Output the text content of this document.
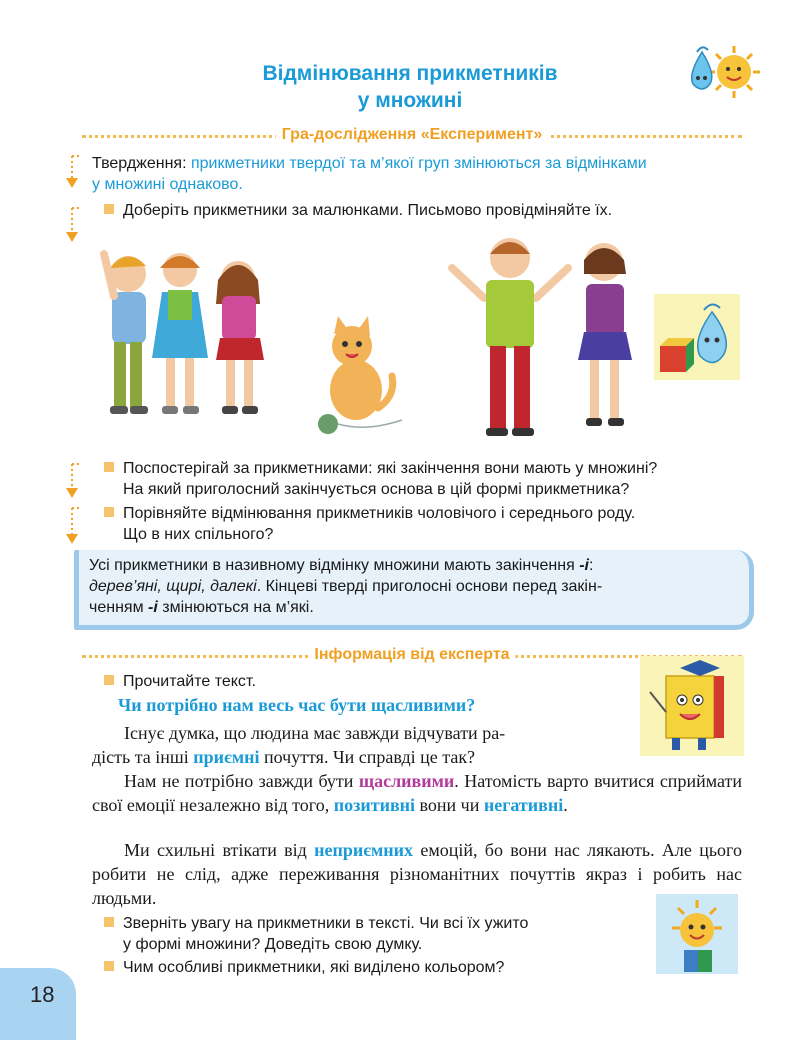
Відмінювання прикметників
у множині
Гра-дослідження «Експеримент»
Твердження: прикметники твердої та м’якої груп змінюються за відмінками
у множині однаково.
Доберіть прикметники за малюнками. Письмово провідміняйте їх.
Поспостерігай за прикметниками: які закінчення вони мають у множині?
На який приголосний закінчується основа в цій формі прикметника?
Порівняйте відмінювання прикметників чоловічого і середнього роду.
Що в них спільного?
Усі прикметники в називному відмінку множини мають закінчення -і:
дерев’яні, щирі, далекі. Кінцеві тверді приголосні основи перед закін-
ченням -і змінюються на м’які.
Інформація від експерта
Прочитайте текст.
Чи потрібно нам весь час бути щасливими?

Існує думка, що людина має завжди відчувати ра-

дість та інші приємні почуття. Чи справді це так?

Нам не потрібно завжди бути щасливими. Натомість варто вчитися сприймати свої емоції незалежно від того, позитивні вони чи негативні.

Ми схильні втікати від неприємних емоцій, бо вони нас лякають. Але цього робити не слід, адже переживання різноманітних почуттів якраз і робить нас людьми.

Зверніть увагу на прикметники в тексті. Чи всі їх ужито
у формі множини? Доведіть свою думку.
Чим особливі прикметники, які виділено кольором?
18
